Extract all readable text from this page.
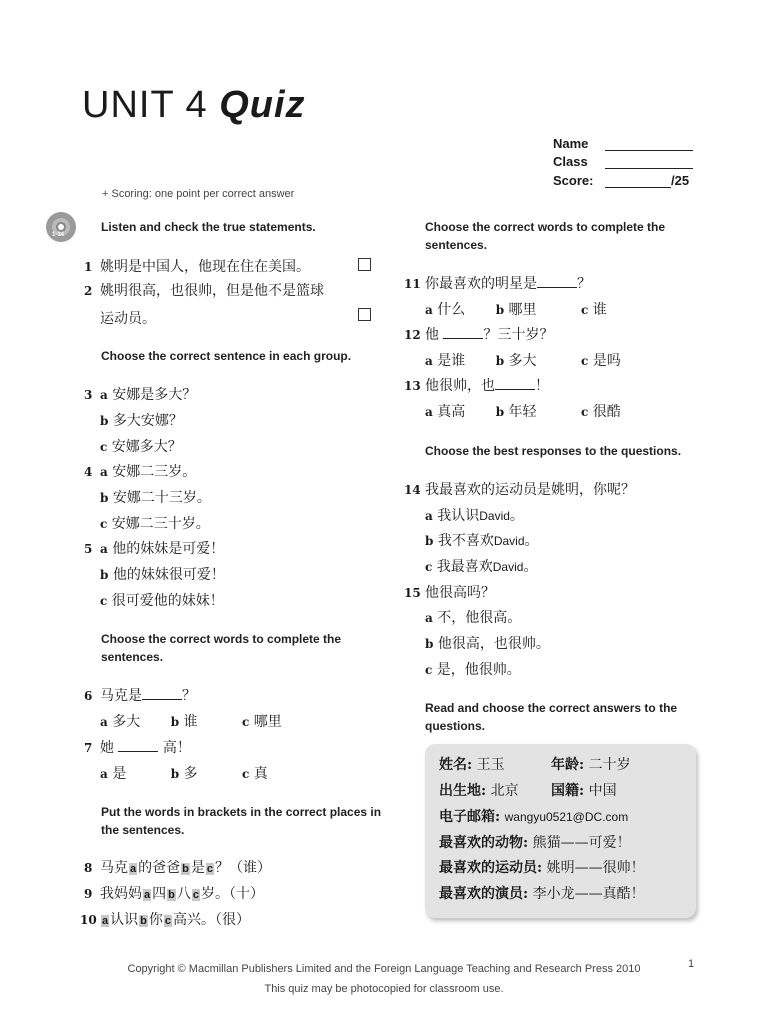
UNIT 4 Quiz
Name
Class
Score:	/25
+ Scoring: one point per correct answer
1-34
Listen and check the true statements.
1 姚明是中国人，他现在住在美国。
2 姚明很高，也很帅，但是他不是篮球
运动员。
Choose the correct sentence in each group.
3 a 安娜是多大？
b 多大安娜？
c 安娜多大？
4 a 安娜二三岁。
b 安娜二十三岁。
c 安娜二三十岁。
5 a 他的妹妹是可爱！
b 他的妹妹很可爱！
c 很可爱他的妹妹！
Choose the correct words to complete the
sentences.
6 马克是	？
a 多大	b 谁	c 哪里
7 她	高！
a 是	b 多	c 真
Put the words in brackets in the correct places in
the sentences.
8 马克 a 的爸爸 b 是 c ？（谁）
9 我妈妈 a 四 b 八 c 岁。（十）
10 a 认识 b 你 c 高兴。（很）
Choose the correct words to complete the
sentences.
11 你最喜欢的明星是	？
a 什么	b 哪里	c 谁
12 他	？三十岁？
a 是谁	b 多大	c 是吗
13 他很帅，也	！
a 真高	b 年轻	c 很酷
Choose the best responses to the questions.
14 我最喜欢的运动员是姚明，你呢？
a 我认识David。
b 我不喜欢David。
c 我最喜欢David。
15 他很高吗？
a 不，他很高。
b 他很高，也很帅。
c 是，他很帅。
Read and choose the correct answers to the
questions.
姓名: 王玉	年龄: 二十岁
出生地: 北京 国籍: 中国
电子邮箱: wangyu0521@DC.com
最喜欢的动物: 熊猫——可爱！
最喜欢的运动员: 姚明——很帅！
最喜欢的演员: 李小龙——真酷！
1
Copyright © Macmillan Publishers Limited and the Foreign Language Teaching and Research Press 2010
This quiz may be photocopied for classroom use.
